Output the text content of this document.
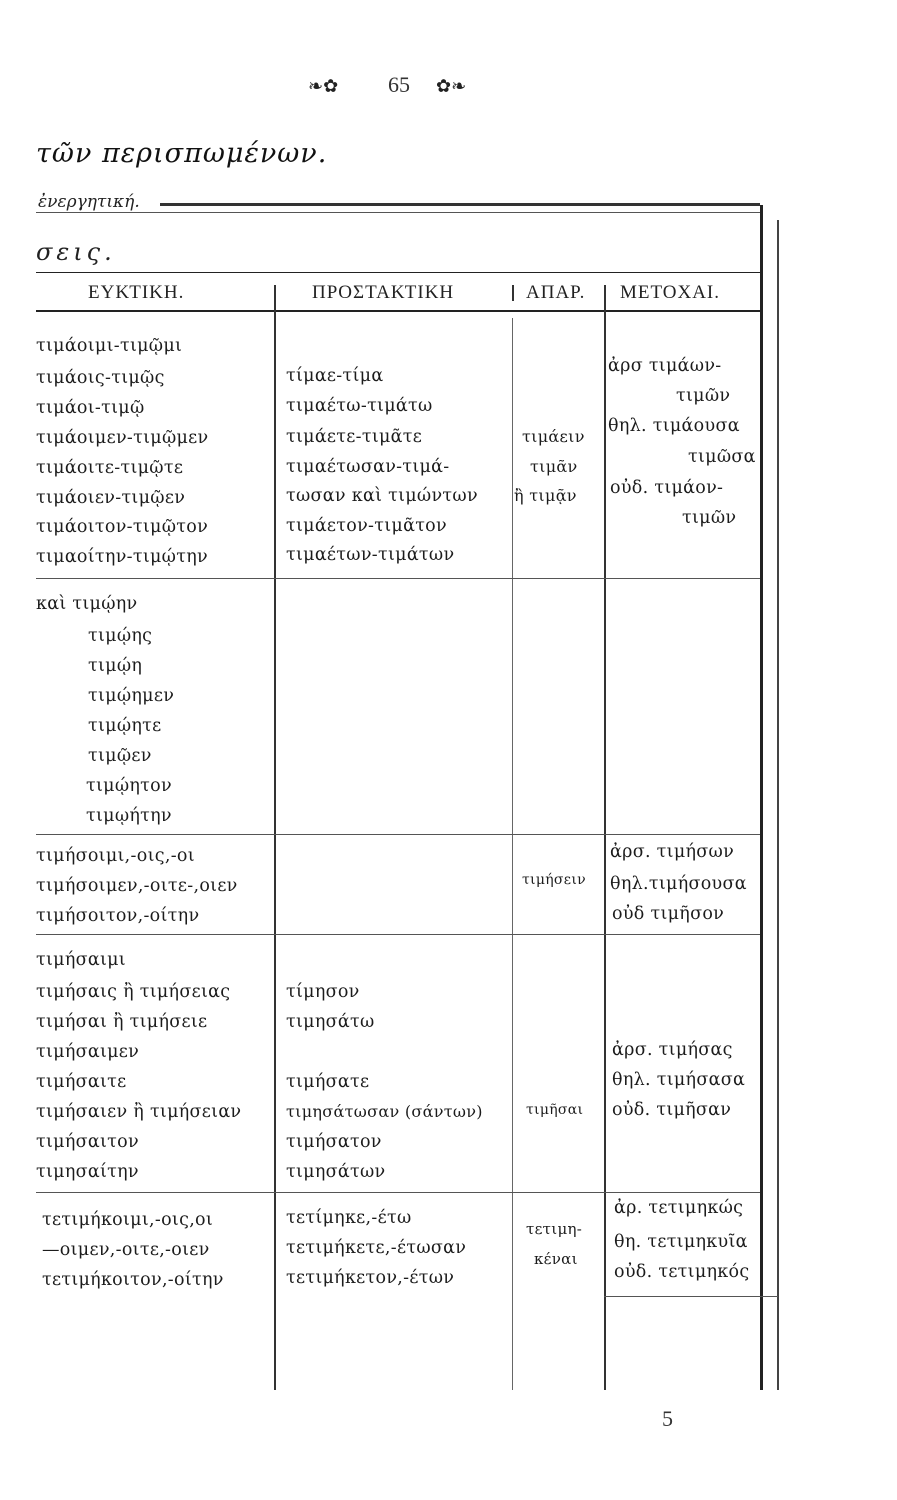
❧✿ 65 ✿❧
τῶν περισπωμένων.
ἐνεργητική.
σεις.
ΕΥΚΤΙΚΗ.	ΠΡΟΣΤΑΚΤΙΚΗ	ΑΠΑΡ. ΜΕΤΟΧΑΙ.
τιμάοιμι-τιμῷμι
τιμάοις-τιμῷς
τιμάοι-τιμῷ
τιμάοιμεν-τιμῷμεν
τιμάοιτε-τιμῷτε
τιμάοιεν-τιμῷεν
τιμάοιτον-τιμῷτον
τιμαοίτην-τιμῴτην
τίμαε-τίμα
τιμαέτω-τιμάτω
τιμάετε-τιμᾶτε
τιμαέτωσαν-τιμά-
τωσαν καὶ τιμώντων
τιμάετον-τιμᾶτον
τιμαέτων-τιμάτων
τιμάειν
τιμᾶν
ἢ τιμᾷν
ἀρσ τιμάων-
τιμῶν
θηλ. τιμάουσα
τιμῶσα
οὐδ. τιμάον-
τιμῶν
καὶ τιμῴην
τιμῴης
τιμῴη
τιμῴημεν
τιμῴητε
τιμῷεν
τιμῴητον
τιμῳήτην
τιμήσοιμι,-οις,-οι
τιμήσοιμεν,-οιτε-,οιεν
τιμήσοιτον,-οίτην
τιμήσειν
ἀρσ. τιμήσων
θηλ.τιμήσουσα
οὐδ τιμῆσον
τιμήσαιμι
τιμήσαις ἢ τιμήσειας
τιμήσαι ἢ τιμήσειε
τιμήσαιμεν
τιμήσαιτε
τιμήσαιεν ἢ τιμήσειαν
τιμήσαιτον
τιμησαίτην
τίμησον
τιμησάτω
τιμήσατε
τιμησάτωσαν (σάντων)
τιμήσατον
τιμησάτων
τιμῆσαι
ἀρσ. τιμήσας
θηλ. τιμήσασα
οὐδ. τιμῆσαν
τετιμήκοιμι,-οις,οι
—οιμεν,-οιτε,-οιεν
τετιμήκοιτον,-οίτην
τετίμηκε,-έτω
τετιμήκετε,-έτωσαν
τετιμήκετον,-έτων
τετιμη-
κέναι
ἀρ. τετιμηκώς
θη. τετιμηκυῖα
οὐδ. τετιμηκός
5
